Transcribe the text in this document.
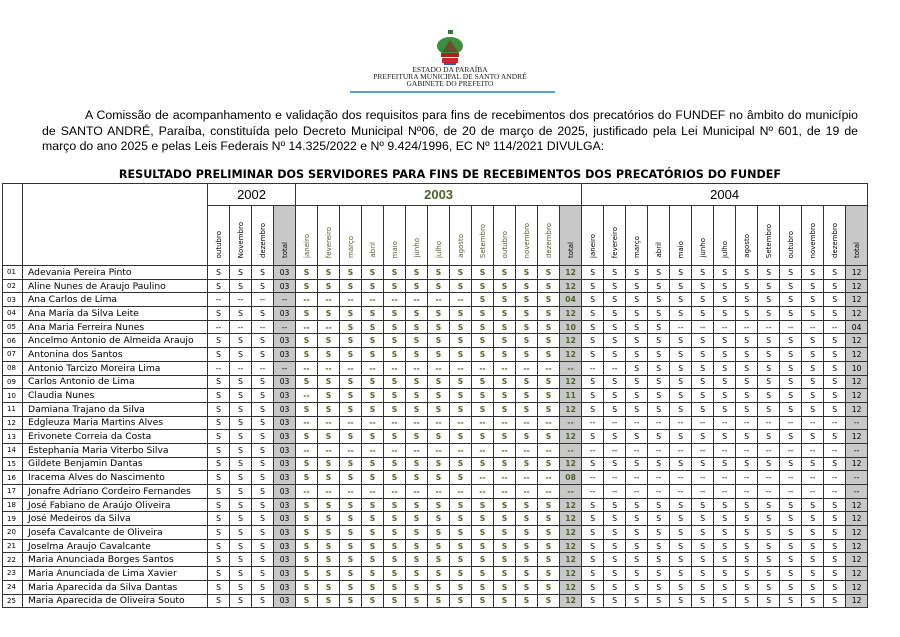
ESTADO DA PARAÍBA
PREFEITURA MUNICIPAL DE SANTO ANDRÉ
GABINETE DO PREFEITO
A Comissão de acompanhamento e validação dos requisitos para fins de recebimentos dos precatórios do FUNDEF no âmbito do município de SANTO ANDRÉ, Paraíba, constituída pelo Decreto Municipal Nº06, de 20 de março de 2025, justificado pela Lei Municipal Nº 601, de 19 de março do ano 2025 e pelas Leis Federais Nº 14.325/2022 e Nº 9.424/1996, EC Nº 114/2021 DIVULGA:
RESULTADO PRELIMINAR DOS SERVIDORES PARA FINS DE RECEBIMENTOS DOS PRECATÓRIOS DO FUNDEF
		2002				2003													2004												
		outubro	Novembro	dezembro	total	janeiro	fevereiro	março	abril	maio	junho	julho	agosto	Setembro	outubro	novembro	dezembro	total	janeiro	fevereiro	março	abril	maio	junho	julho	agosto	Setembro	outubro	novembro	dezembro	total
01	Adevania Pereira Pinto	S	S	S	03	S	S	S	S	S	S	S	S	S	S	S	S	12	S	S	S	S	S	S	S	S	S	S	S	S	12
02	Aline Nunes de Araujo Paulino	S	S	S	03	S	S	S	S	S	S	S	S	S	S	S	S	12	S	S	S	S	S	S	S	S	S	S	S	S	12
03	Ana Carlos de Lima	--	--	--	--	--	--	--	--	--	--	--	--	S	S	S	S	04	S	S	S	S	S	S	S	S	S	S	S	S	12
04	Ana Maria da Silva Leite	S	S	S	03	S	S	S	S	S	S	S	S	S	S	S	S	12	S	S	S	S	S	S	S	S	S	S	S	S	12
05	Ana Maria Ferreira Nunes	--	--	--	--	--	--	S	S	S	S	S	S	S	S	S	S	10	S	S	S	S	--	--	--	--	--	--	--	--	04
06	Ancelmo Antonio de Almeida Araujo	S	S	S	03	S	S	S	S	S	S	S	S	S	S	S	S	12	S	S	S	S	S	S	S	S	S	S	S	S	12
07	Antonina dos Santos	S	S	S	03	S	S	S	S	S	S	S	S	S	S	S	S	12	S	S	S	S	S	S	S	S	S	S	S	S	12
08	Antonio Tarcizo Moreira Lima	--	--	--	--	--	--	--	--	--	--	--	--	--	--	--	--	--	--	--	S	S	S	S	S	S	S	S	S	S	10
09	Carlos Antonio de Lima	S	S	S	03	S	S	S	S	S	S	S	S	S	S	S	S	12	S	S	S	S	S	S	S	S	S	S	S	S	12
10	Claudia Nunes	S	S	S	03	--	S	S	S	S	S	S	S	S	S	S	S	11	S	S	S	S	S	S	S	S	S	S	S	S	12
11	Damiana Trajano da Silva	S	S	S	03	S	S	S	S	S	S	S	S	S	S	S	S	12	S	S	S	S	S	S	S	S	S	S	S	S	12
12	Edgleuza Maria Martins Alves	S	S	S	03	--	--	--	--	--	--	--	--	--	--	--	--	--	--	--	--	--	--	--	--	--	--	--	--	--	--
13	Erivonete Correia da Costa	S	S	S	03	S	S	S	S	S	S	S	S	S	S	S	S	12	S	S	S	S	S	S	S	S	S	S	S	S	12
14	Estephania Maria Viterbo Silva	S	S	S	03	--	--	--	--	--	--	--	--	--	--	--	--	--	--	--	--	--	--	--	--	--	--	--	--	--	--
15	Gildete Benjamin Dantas	S	S	S	03	S	S	S	S	S	S	S	S	S	S	S	S	12	S	S	S	S	S	S	S	S	S	S	S	S	12
16	Iracema Alves do Nascimento	S	S	S	03	S	S	S	S	S	S	S	S	--	--	--	--	08	--	--	--	--	--	--	--	--	--	--	--	--	--
17	Jonafre Adriano Cordeiro Fernandes	S	S	S	03	--	--	--	--	--	--	--	--	--	--	--	--	--	--	--	--	--	--	--	--	--	--	--	--	--	--
18	José Fabiano de Araújo Oliveira	S	S	S	03	S	S	S	S	S	S	S	S	S	S	S	S	12	S	S	S	S	S	S	S	S	S	S	S	S	12
19	José Medeiros da Silva	S	S	S	03	S	S	S	S	S	S	S	S	S	S	S	S	12	S	S	S	S	S	S	S	S	S	S	S	S	12
20	Josefa Cavalcante de Oliveira	S	S	S	03	S	S	S	S	S	S	S	S	S	S	S	S	12	S	S	S	S	S	S	S	S	S	S	S	S	12
21	Joselma Araujo Cavalcante	S	S	S	03	S	S	S	S	S	S	S	S	S	S	S	S	12	S	S	S	S	S	S	S	S	S	S	S	S	12
22	Maria Anunciada Borges Santos	S	S	S	03	S	S	S	S	S	S	S	S	S	S	S	S	12	S	S	S	S	S	S	S	S	S	S	S	S	12
23	Maria Anunciada de Lima Xavier	S	S	S	03	S	S	S	S	S	S	S	S	S	S	S	S	12	S	S	S	S	S	S	S	S	S	S	S	S	12
24	Maria Aparecida da Silva Dantas	S	S	S	03	S	S	S	S	S	S	S	S	S	S	S	S	12	S	S	S	S	S	S	S	S	S	S	S	S	12
25	Maria Aparecida de Oliveira Souto	S	S	S	03	S	S	S	S	S	S	S	S	S	S	S	S	12	S	S	S	S	S	S	S	S	S	S	S	S	12
